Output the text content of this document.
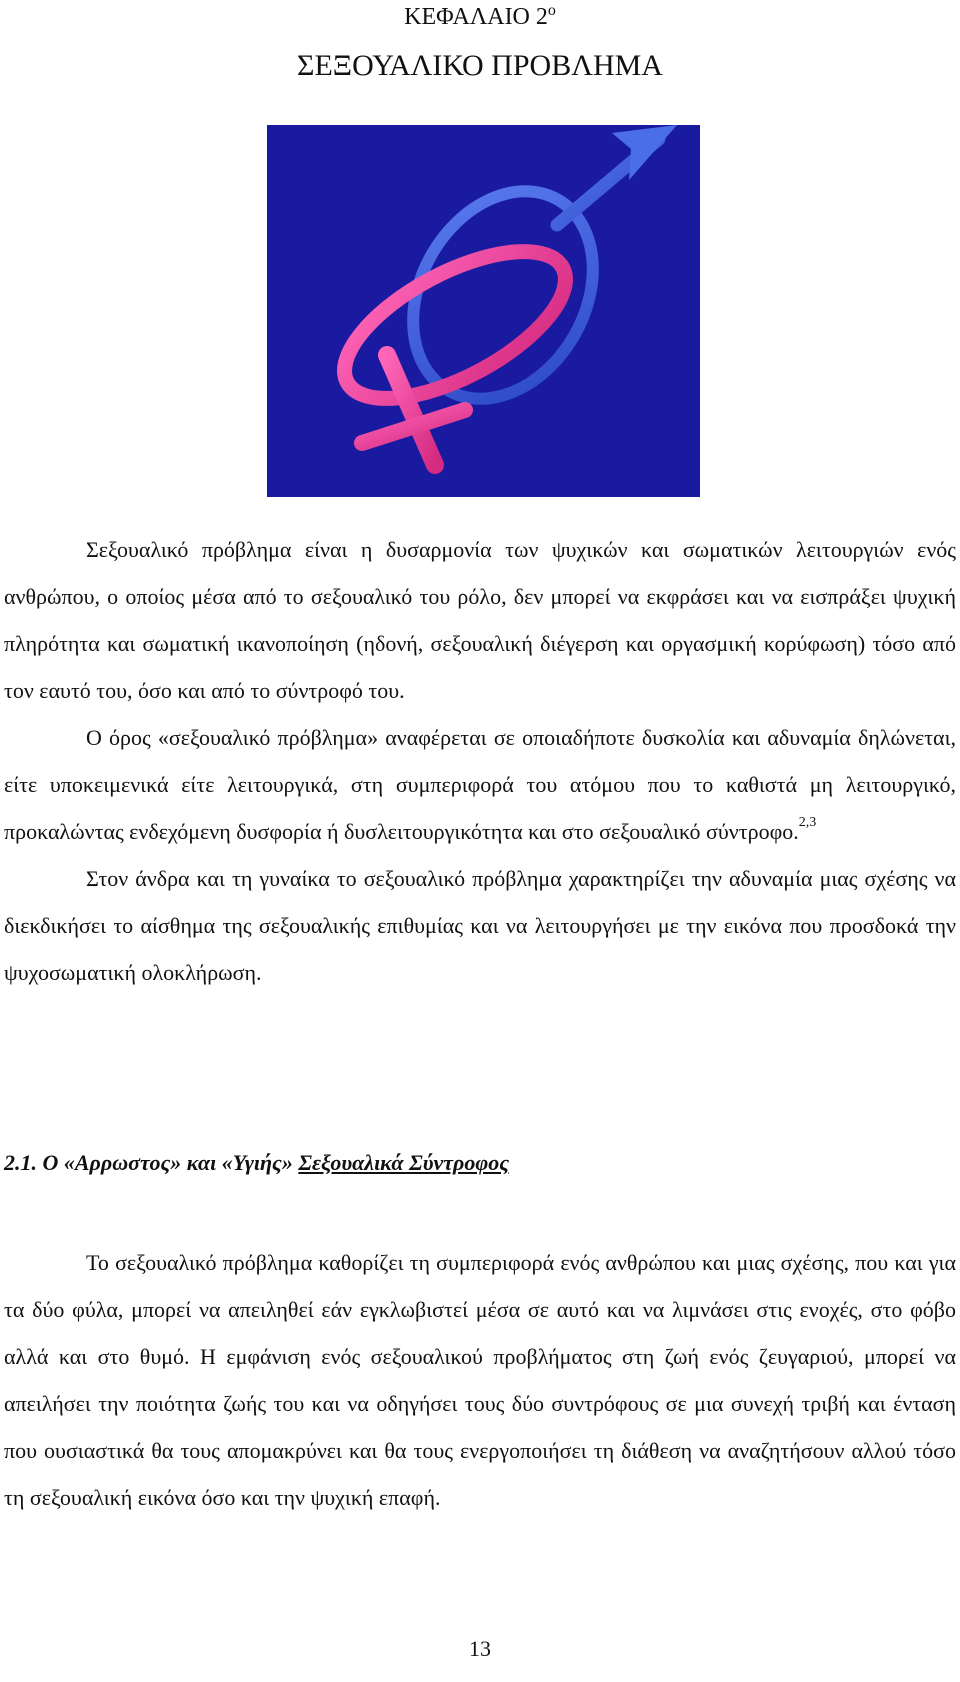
ΚΕΦΑΛΑΙΟ $2^o$
ΣΕΞΟΥΑΛΙΚΟ ΠΡΟΒΛΗΜΑ

Σεξουαλικό πρόβλημα είναι η δυσαρμονία των ψυχικών και σωματικών λειτουργιών ενός ανθρώπου, ο οποίος μέσα από το σεξουαλικό του ρόλο, δεν μπορεί να εκφράσει και να εισπράξει ψυχική πληρότητα και σωματική ικανοποίηση (ηδονή, σεξουαλική διέγερση και οργασμική κορύφωση) τόσο από τον εαυτό του, όσο και από το σύντροφό του.

Ο όρος «σεξουαλικό πρόβλημα» αναφέρεται σε οποιαδήποτε δυσκολία και αδυναμία δηλώνεται, είτε υποκειμενικά είτε λειτουργικά, στη συμπεριφορά του ατόμου που το καθιστά μη λειτουργικό, προκαλώντας ενδεχόμενη δυσφορία ή δυσλειτουργικότητα και στο σεξουαλικό σύντροφο.$^{2,3}$

Στον άνδρα και τη γυναίκα το σεξουαλικό πρόβλημα χαρακτηρίζει την αδυναμία μιας σχέσης να διεκδικήσει το αίσθημα της σεξουαλικής επιθυμίας και να λειτουργήσει με την εικόνα που προσδοκά την ψυχοσωματική ολοκλήρωση.

2.1. Ο «Αρρωστος» και «Υγιής» Σεξουαλικά Σύντροφος

Το σεξουαλικό πρόβλημα καθορίζει τη συμπεριφορά ενός ανθρώπου και μιας σχέσης, που και για τα δύο φύλα, μπορεί να απειληθεί εάν εγκλωβιστεί μέσα σε αυτό και να λιμνάσει στις ενοχές, στο φόβο αλλά και στο θυμό. Η εμφάνιση ενός σεξουαλικού προβλήματος στη ζωή ενός ζευγαριού, μπορεί να απειλήσει την ποιότητα ζωής του και να οδηγήσει τους δύο συντρόφους σε μια συνεχή τριβή και ένταση που ουσιαστικά θα τους απομακρύνει και θα τους ενεργοποιήσει τη διάθεση να αναζητήσουν αλλού τόσο τη σεξουαλική εικόνα όσο και την ψυχική επαφή.

13
